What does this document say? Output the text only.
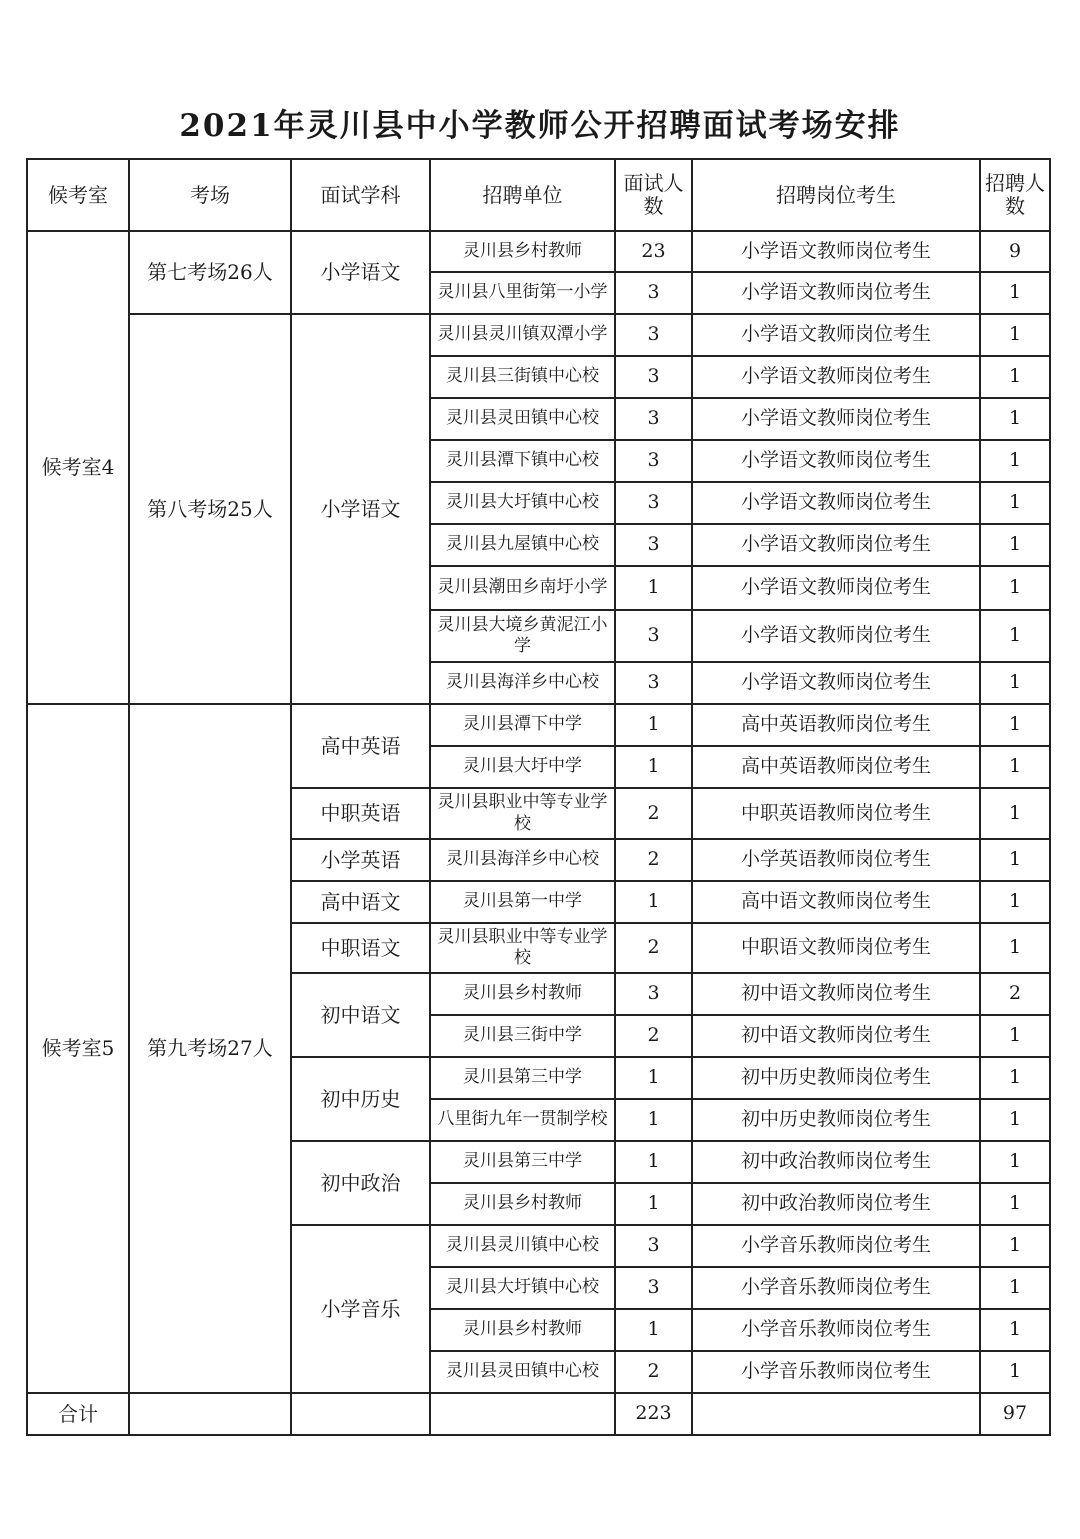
2021年灵川县中小学教师公开招聘面试考场安排
候考室	考场	面试学科	招聘单位	面试人数	招聘岗位考生	招聘人数
候考室4	第七考场26人	小学语文	灵川县乡村教师	23	小学语文教师岗位考生	9
			灵川县八里街第一小学	3	小学语文教师岗位考生	1
	第八考场25人	小学语文	灵川县灵川镇双潭小学	3	小学语文教师岗位考生	1
			灵川县三街镇中心校	3	小学语文教师岗位考生	1
			灵川县灵田镇中心校	3	小学语文教师岗位考生	1
			灵川县潭下镇中心校	3	小学语文教师岗位考生	1
			灵川县大圩镇中心校	3	小学语文教师岗位考生	1
			灵川县九屋镇中心校	3	小学语文教师岗位考生	1
			灵川县潮田乡南圩小学	1	小学语文教师岗位考生	1
			灵川县大境乡黄泥江小学	3	小学语文教师岗位考生	1
			灵川县海洋乡中心校	3	小学语文教师岗位考生	1
候考室5	第九考场27人	高中英语	灵川县潭下中学	1	高中英语教师岗位考生	1
			灵川县大圩中学	1	高中英语教师岗位考生	1
		中职英语	灵川县职业中等专业学校	2	中职英语教师岗位考生	1
		小学英语	灵川县海洋乡中心校	2	小学英语教师岗位考生	1
		高中语文	灵川县第一中学	1	高中语文教师岗位考生	1
		中职语文	灵川县职业中等专业学校	2	中职语文教师岗位考生	1
		初中语文	灵川县乡村教师	3	初中语文教师岗位考生	2
			灵川县三街中学	2	初中语文教师岗位考生	1
		初中历史	灵川县第三中学	1	初中历史教师岗位考生	1
			八里街九年一贯制学校	1	初中历史教师岗位考生	1
		初中政治	灵川县第三中学	1	初中政治教师岗位考生	1
			灵川县乡村教师	1	初中政治教师岗位考生	1
		小学音乐	灵川县灵川镇中心校	3	小学音乐教师岗位考生	1
			灵川县大圩镇中心校	3	小学音乐教师岗位考生	1
			灵川县乡村教师	1	小学音乐教师岗位考生	1
			灵川县灵田镇中心校	2	小学音乐教师岗位考生	1
合计				223		97
